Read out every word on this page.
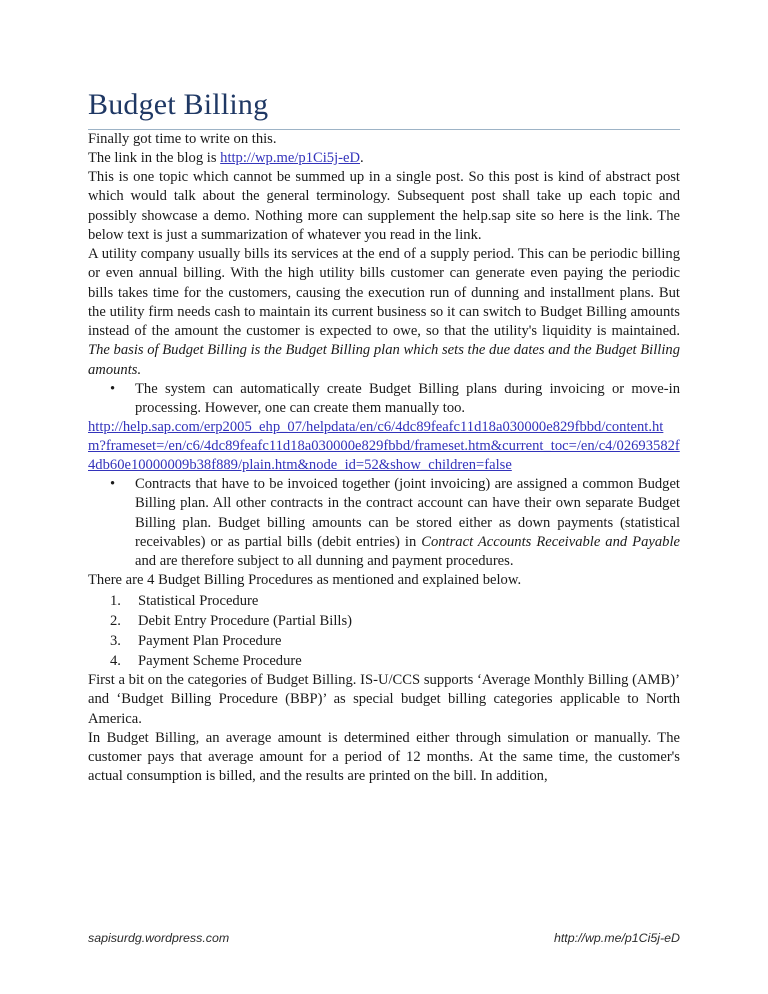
Budget Billing

Finally got time to write on this.
The link in the blog is http://wp.me/p1Ci5j-eD.

This is one topic which cannot be summed up in a single post. So this post is kind of abstract post which would talk about the general terminology. Subsequent post shall take up each topic and possibly showcase a demo. Nothing more can supplement the help.sap site so here is the link. The below text is just a summarization of whatever you read in the link.

A utility company usually bills its services at the end of a supply period. This can be periodic billing or even annual billing. With the high utility bills customer can generate even paying the periodic bills takes time for the customers, causing the execution run of dunning and installment plans. But the utility firm needs cash to maintain its current business so it can switch to Budget Billing amounts instead of the amount the customer is expected to owe, so that the utility's liquidity is maintained. The basis of Budget Billing is the Budget Billing plan which sets the due dates and the Budget Billing amounts.

• The system can automatically create Budget Billing plans during invoicing or move-in processing. However, one can create them manually too.
http://help.sap.com/erp2005_ehp_07/helpdata/en/c6/4dc89feafc11d18a030000e829fbbd/content.htm?frameset=/en/c6/4dc89feafc11d18a030000e829fbbd/frameset.htm&current_toc=/en/c4/02693582f4db60e10000009b38f889/plain.htm&node_id=52&show_children=false
• Contracts that have to be invoiced together (joint invoicing) are assigned a common Budget Billing plan. All other contracts in the contract account can have their own separate Budget Billing plan. Budget billing amounts can be stored either as down payments (statistical receivables) or as partial bills (debit entries) in Contract Accounts Receivable and Payable and are therefore subject to all dunning and payment procedures.

There are 4 Budget Billing Procedures as mentioned and explained below.

1.	Statistical Procedure
2.	Debit Entry Procedure (Partial Bills)
3.	Payment Plan Procedure
4.	Payment Scheme Procedure

First a bit on the categories of Budget Billing. IS-U/CCS supports ‘Average Monthly Billing (AMB)’ and ‘Budget Billing Procedure (BBP)’ as special budget billing categories applicable to North America.

In Budget Billing, an average amount is determined either through simulation or manually. The customer pays that average amount for a period of 12 months. At the same time, the customer's actual consumption is billed, and the results are printed on the bill. In addition,

sapisurdg.wordpress.com	http://wp.me/p1Ci5j-eD
